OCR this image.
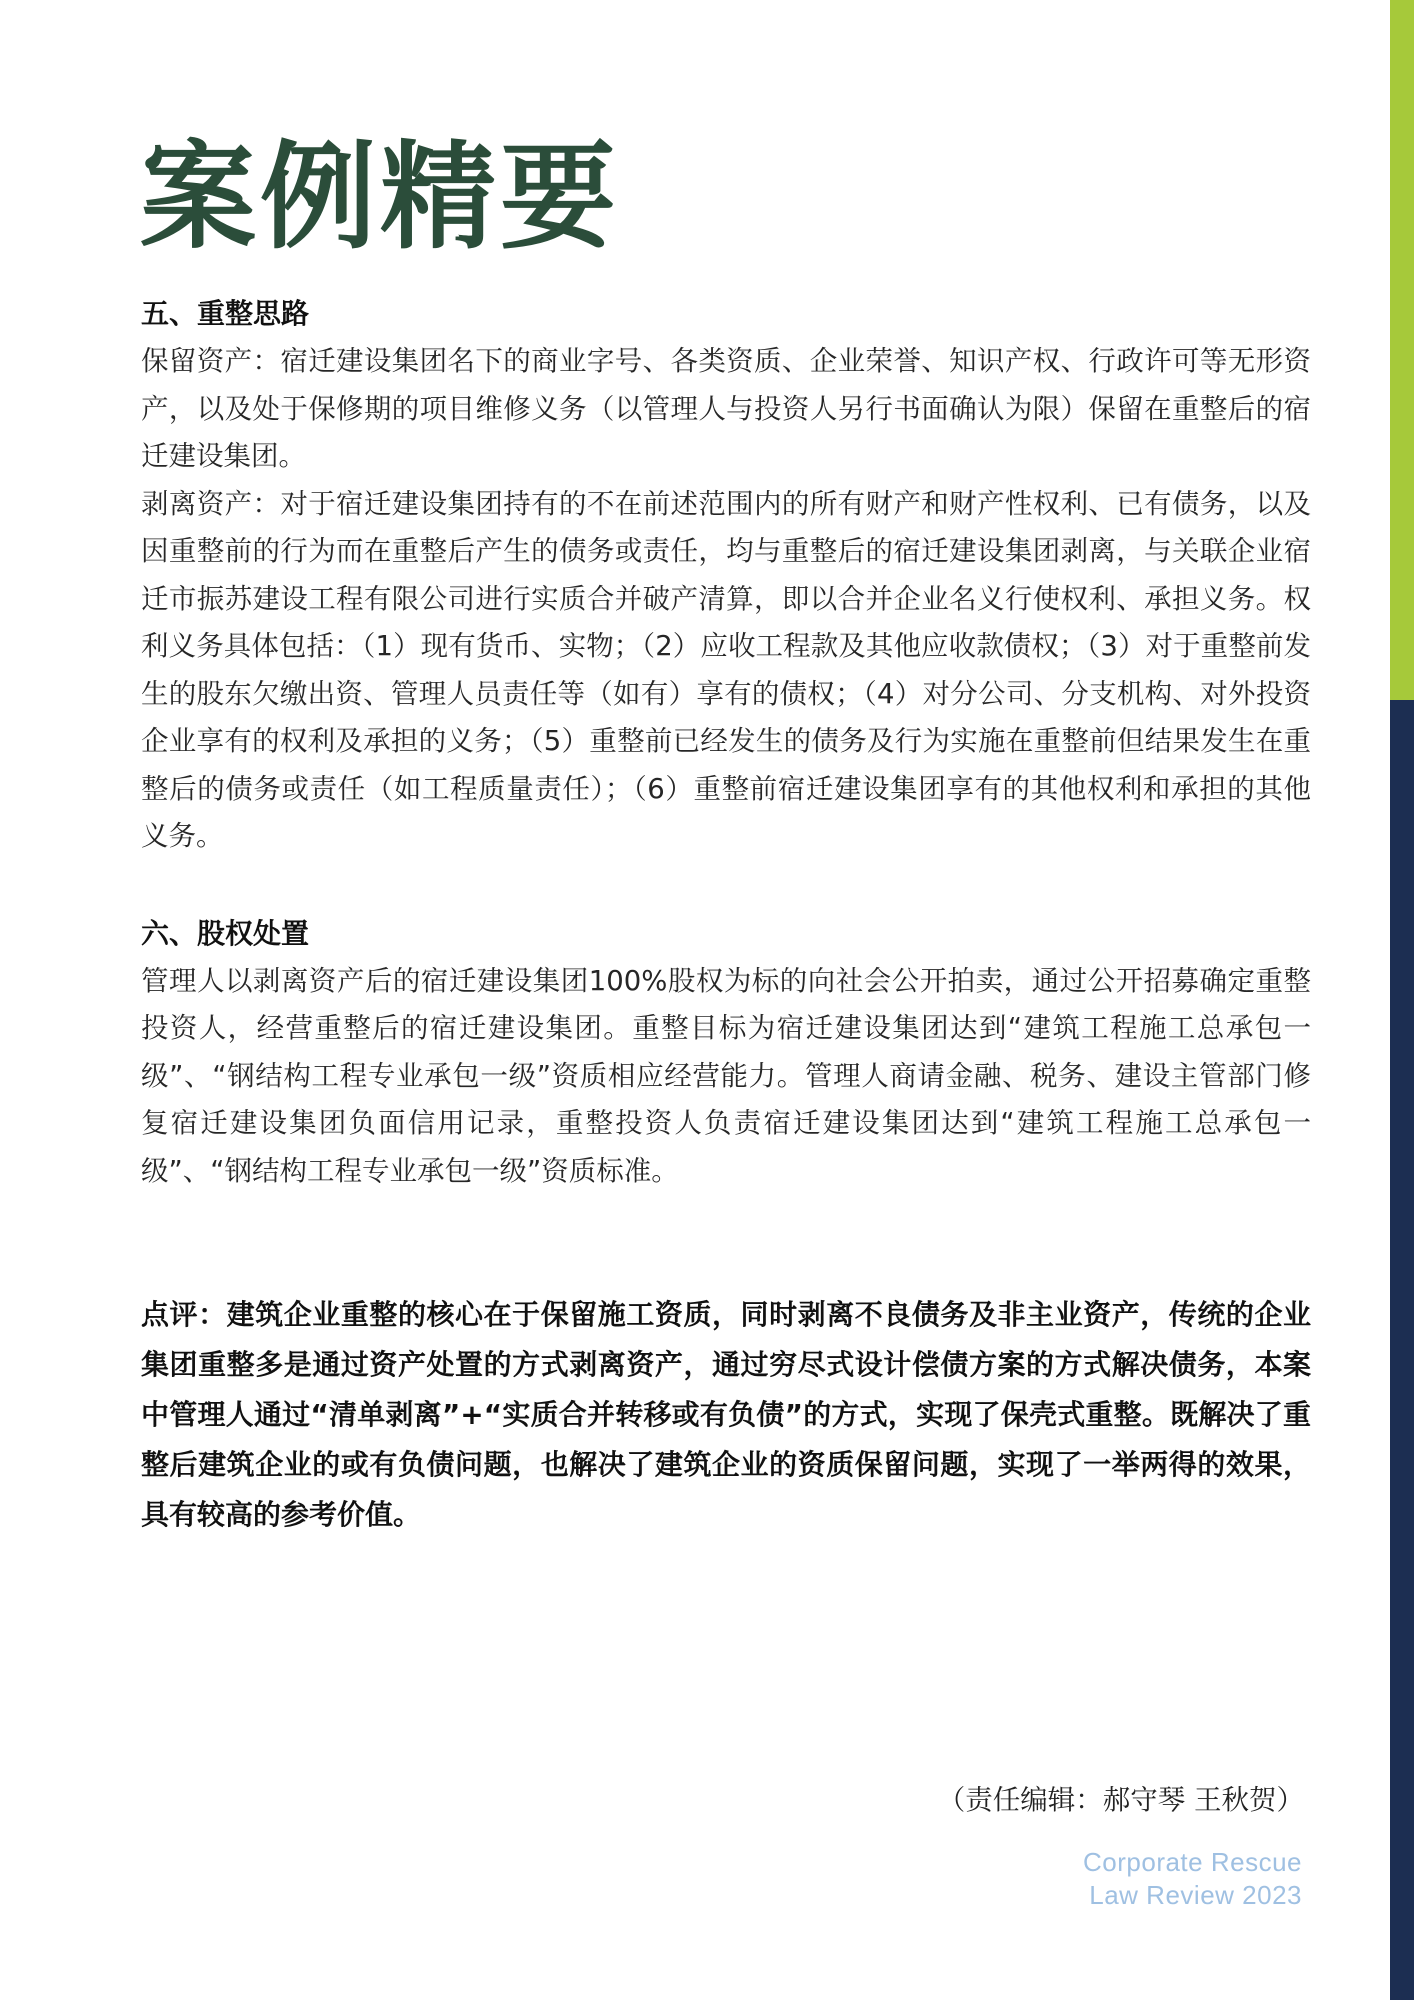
案例精要
五、重整思路

保留资产：宿迁建设集团名下的商业字号、各类资质、企业荣誉、知识产权、行政许可等无形资产，以及处于保修期的项目维修义务（以管理人与投资人另行书面确认为限）保留在重整后的宿迁建设集团。

剥离资产：对于宿迁建设集团持有的不在前述范围内的所有财产和财产性权利、已有债务，以及因重整前的行为而在重整后产生的债务或责任，均与重整后的宿迁建设集团剥离，与关联企业宿迁市振苏建设工程有限公司进行实质合并破产清算，即以合并企业名义行使权利、承担义务。权利义务具体包括：（1）现有货币、实物；（2）应收工程款及其他应收款债权；（3）对于重整前发生的股东欠缴出资、管理人员责任等（如有）享有的债权；（4）对分公司、分支机构、对外投资企业享有的权利及承担的义务；（5）重整前已经发生的债务及行为实施在重整前但结果发生在重整后的债务或责任（如工程质量责任）；（6）重整前宿迁建设集团享有的其他权利和承担的其他义务。

六、股权处置

管理人以剥离资产后的宿迁建设集团100%股权为标的向社会公开拍卖，通过公开招募确定重整投资人，经营重整后的宿迁建设集团。重整目标为宿迁建设集团达到“建筑工程施工总承包一级”、“钢结构工程专业承包一级”资质相应经营能力。管理人商请金融、税务、建设主管部门修复宿迁建设集团负面信用记录，重整投资人负责宿迁建设集团达到“建筑工程施工总承包一级”、“钢结构工程专业承包一级”资质标准。

点评：建筑企业重整的核心在于保留施工资质，同时剥离不良债务及非主业资产，传统的企业集团重整多是通过资产处置的方式剥离资产，通过穷尽式设计偿债方案的方式解决债务，本案中管理人通过“清单剥离”+“实质合并转移或有负债”的方式，实现了保壳式重整。既解决了重整后建筑企业的或有负债问题，也解决了建筑企业的资质保留问题，实现了一举两得的效果，具有较高的参考价值。

（责任编辑：郝守琴 王秋贺）

Corporate Rescue
Law Review 2023
